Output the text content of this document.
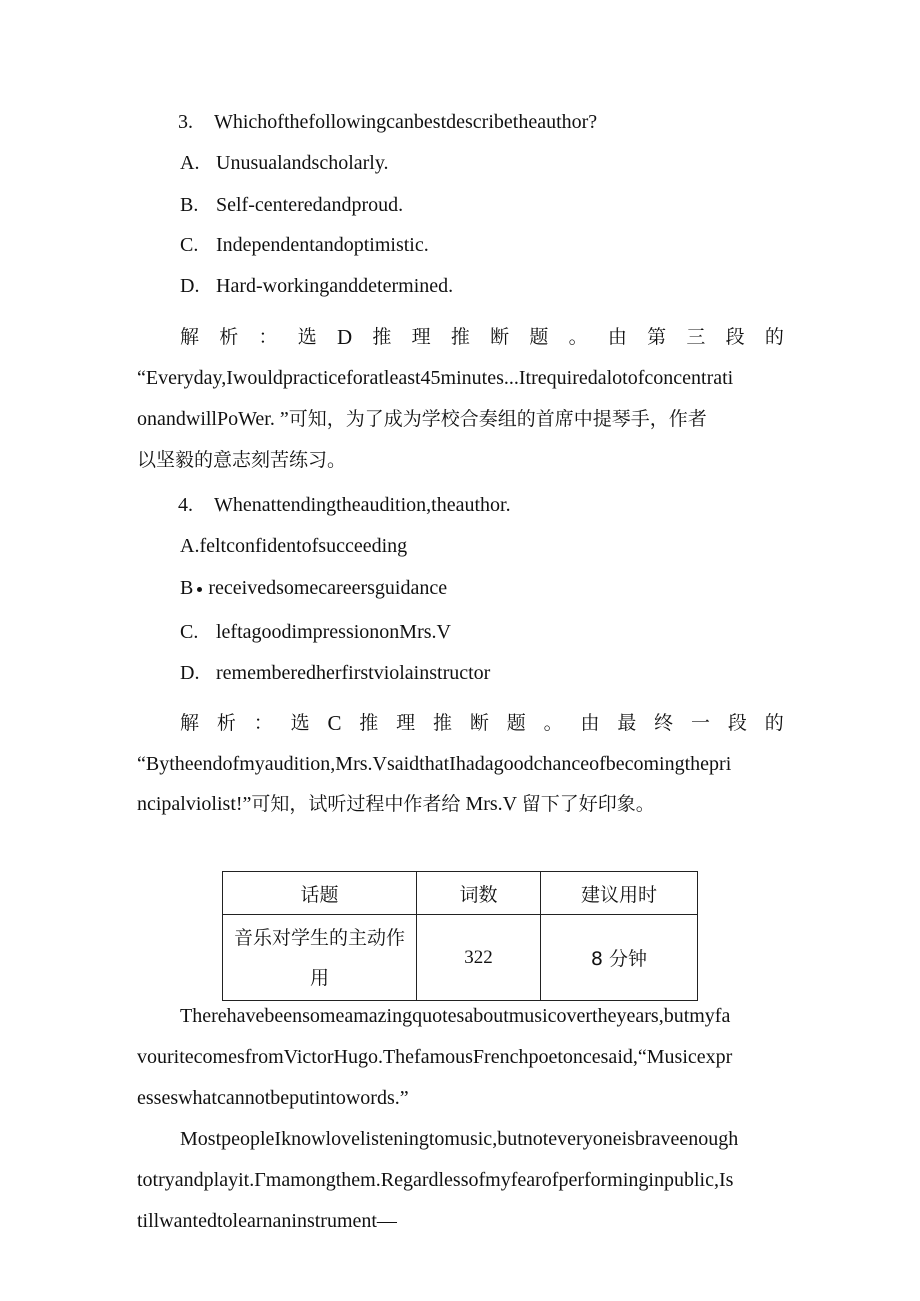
3. Whichofthefollowingcanbestdescribetheauthor?
A. Unusualandscholarly.
B. Self-centeredandproud.
C. Independentandoptimistic.
D. Hard-workinganddetermined.
解 析 ： 选 D 推 理 推 断 题 。 由 第 三 段 的
“Everyday,Iwouldpracticeforatleast45minutes...Itrequiredalotofconcentrati
onandwillPoWer. ”可知，为了成为学校合奏组的首席中提琴手，作者
以坚毅的意志刻苦练习。
4. Whenattendingtheaudition,theauthor.
A.feltconfidentofsucceeding
B receivedsomecareersguidance
C. leftagoodimpressiononMrs.V
D. rememberedherfirstviolainstructor
解 析 ： 选 C 推 理 推 断 题 。 由 最 终 一 段 的
“Bytheendofmyaudition,Mrs.VsaidthatIhadagoodchanceofbecomingthepri
ncipalviolist!”可知，试听过程中作者给 Mrs.V 留下了好印象。
话题	词数	建议用时

音乐对学生的主动作用	322	8 分钟
Therehavebeensomeamazingquotesaboutmusicovertheyears,butmyfa
vouritecomesfromVictorHugo.ThefamousFrenchpoetoncesaid,“Musicexpr
esseswhatcannotbeputintowords.”
MostpeopleIknowlovelisteningtomusic,butnoteveryoneisbraveenough
totryandplayit.Γmamongthem.Regardlessofmyfearofperforminginpublic,Is
tillwantedtolearnaninstrument—
